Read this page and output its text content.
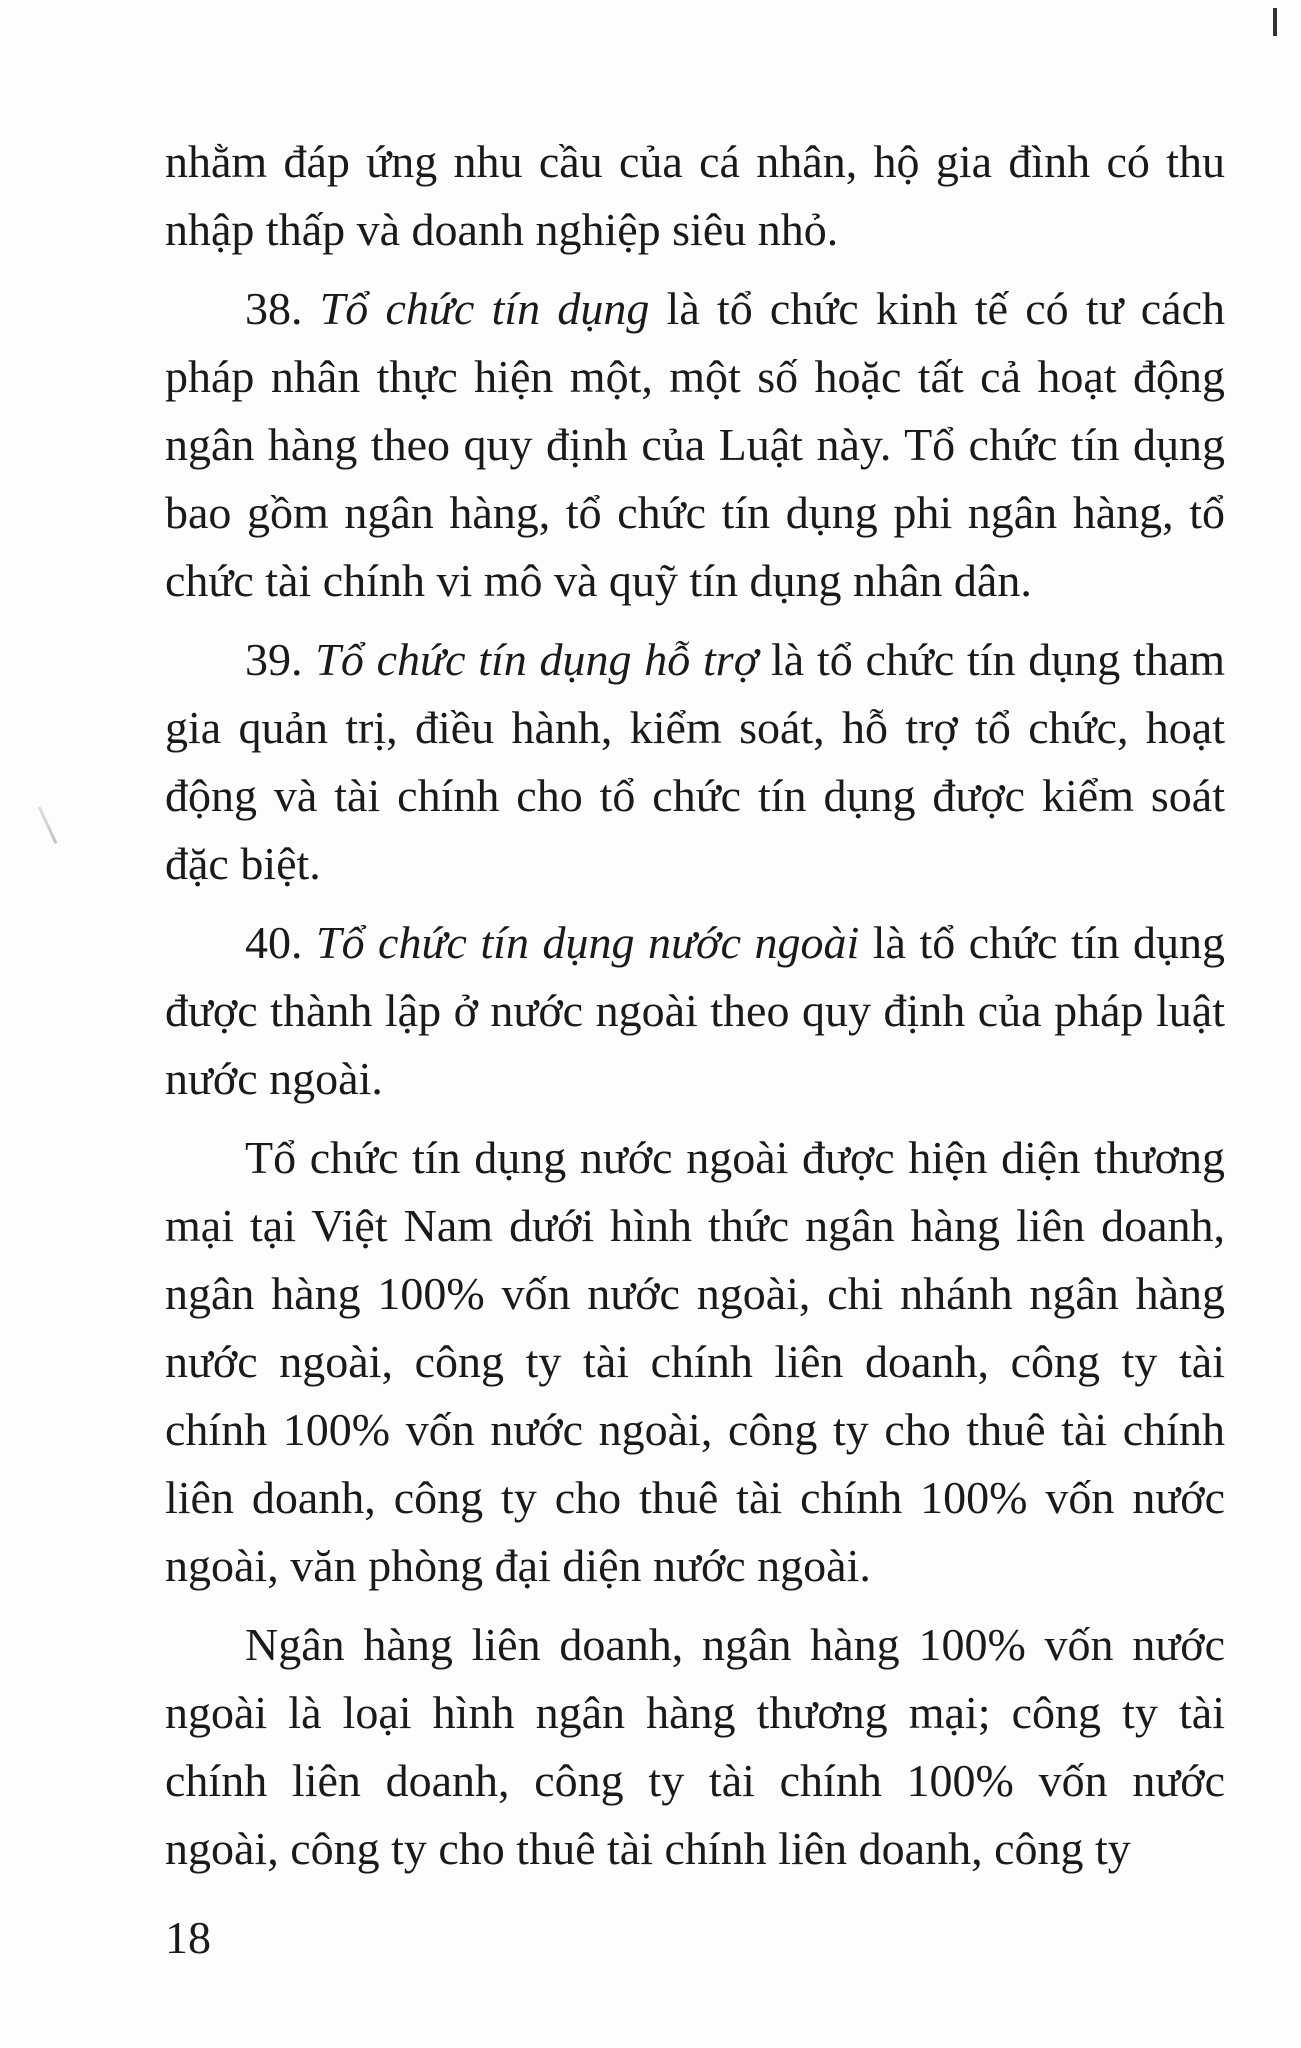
nhằm đáp ứng nhu cầu của cá nhân, hộ gia đình có thu nhập thấp và doanh nghiệp siêu nhỏ.

38. Tổ chức tín dụng là tổ chức kinh tế có tư cách pháp nhân thực hiện một, một số hoặc tất cả hoạt động ngân hàng theo quy định của Luật này. Tổ chức tín dụng bao gồm ngân hàng, tổ chức tín dụng phi ngân hàng, tổ chức tài chính vi mô và quỹ tín dụng nhân dân.

39. Tổ chức tín dụng hỗ trợ là tổ chức tín dụng tham gia quản trị, điều hành, kiểm soát, hỗ trợ tổ chức, hoạt động và tài chính cho tổ chức tín dụng được kiểm soát đặc biệt.

40. Tổ chức tín dụng nước ngoài là tổ chức tín dụng được thành lập ở nước ngoài theo quy định của pháp luật nước ngoài.

Tổ chức tín dụng nước ngoài được hiện diện thương mại tại Việt Nam dưới hình thức ngân hàng liên doanh, ngân hàng 100% vốn nước ngoài, chi nhánh ngân hàng nước ngoài, công ty tài chính liên doanh, công ty tài chính 100% vốn nước ngoài, công ty cho thuê tài chính liên doanh, công ty cho thuê tài chính 100% vốn nước ngoài, văn phòng đại diện nước ngoài.

Ngân hàng liên doanh, ngân hàng 100% vốn nước ngoài là loại hình ngân hàng thương mại; công ty tài chính liên doanh, công ty tài chính 100% vốn nước ngoài, công ty cho thuê tài chính liên doanh, công ty

18
